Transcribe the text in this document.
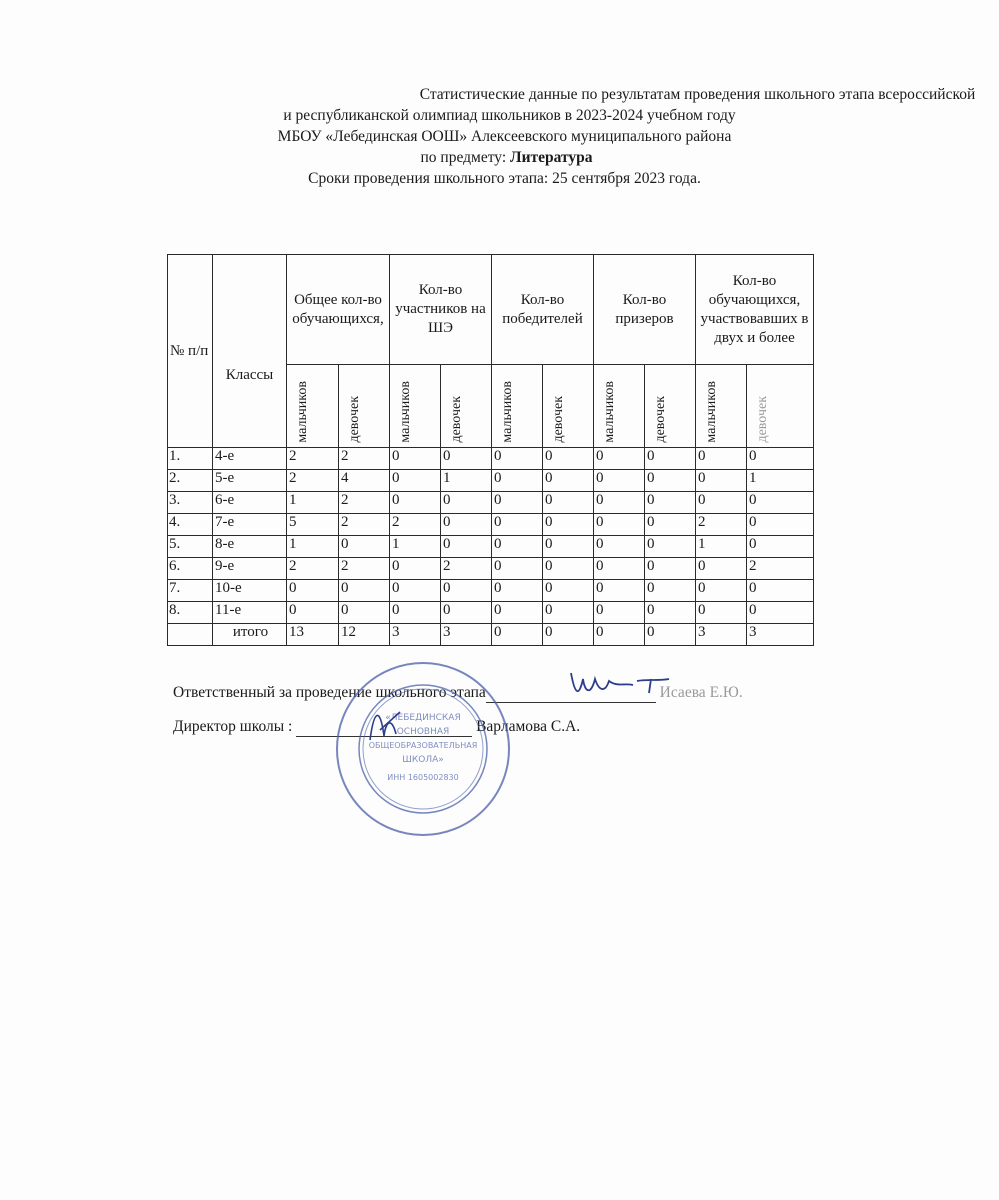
Статистические данные по результатам проведения школьного этапа всероссийской
и республиканской олимпиад школьников в 2023-2024 учебном году
МБОУ «Лебединская ООШ» Алексеевского муниципального района
по предмету: Литература
Сроки проведения школьного этапа: 25 сентября 2023 года.
№ п/п	Классы	Общее кол-во обучающихся,		Кол-во участников на ШЭ		Кол-во победителей		Кол-во призеров		Кол-во обучающихся, участвовавших в двух и более	

		мальчиков	девочек	мальчиков	девочек	мальчиков	девочек	мальчиков	девочек	мальчиков	девочек

1.	4-е	2	2	0	0	0	0	0	0	0	0
2.	5-е	2	4	0	1	0	0	0	0	0	1
3.	6-е	1	2	0	0	0	0	0	0	0	0
4.	7-е	5	2	2	0	0	0	0	0	2	0
5.	8-е	1	0	1	0	0	0	0	0	1	0
6.	9-е	2	2	0	2	0	0	0	0	0	2
7.	10-е	0	0	0	0	0	0	0	0	0	0
8.	11-е	0	0	0	0	0	0	0	0	0	0
	итого	13	12	3	3	0	0	0	0	3	3
Ответственный за проведение школьного этапа	Исаева Е.Ю.
Директор школы :	Варламова С.А.
«ЛЕБЕДИНСКАЯ
ОСНОВНАЯ
ОБЩЕОБРАЗОВАТЕЛЬНАЯ
ШКОЛА»
ИНН 1605002830
